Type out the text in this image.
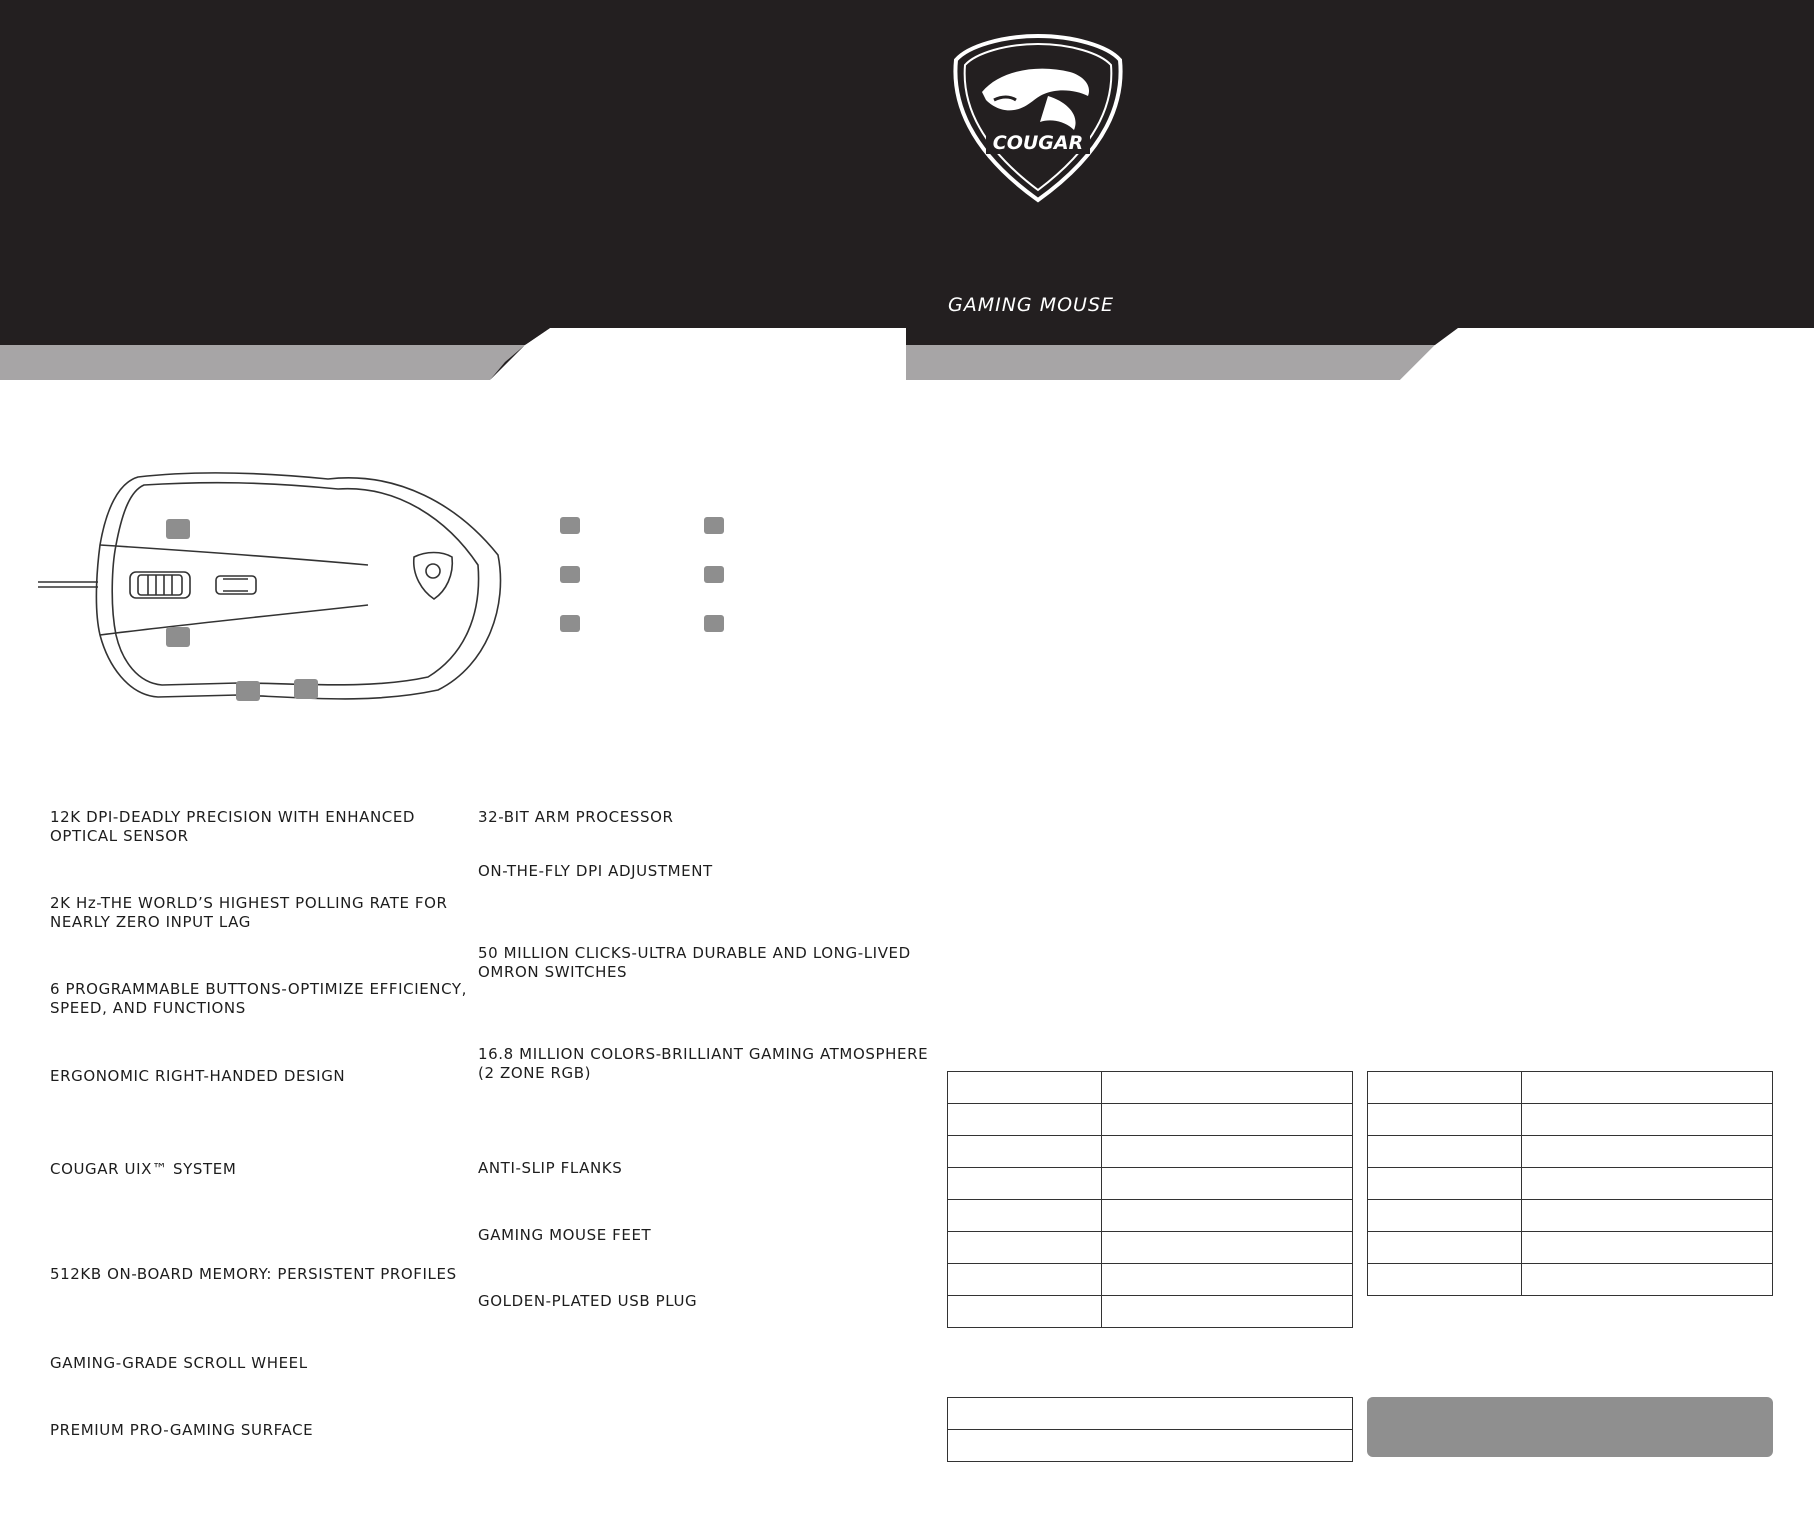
COUGAR
GAMING MOUSE
12K DPI-DEADLY PRECISION WITH ENHANCED
OPTICAL SENSOR
2K Hz-THE WORLD’S HIGHEST POLLING RATE FOR
NEARLY ZERO INPUT LAG
6 PROGRAMMABLE BUTTONS-OPTIMIZE EFFICIENCY,
SPEED, AND FUNCTIONS
ERGONOMIC RIGHT-HANDED DESIGN
COUGAR UIX™ SYSTEM
512KB ON-BOARD MEMORY: PERSISTENT PROFILES
GAMING-GRADE SCROLL WHEEL
PREMIUM PRO-GAMING SURFACE
32-BIT ARM PROCESSOR
ON-THE-FLY DPI ADJUSTMENT
50 MILLION CLICKS-ULTRA DURABLE AND LONG-LIVED
OMRON SWITCHES
16.8 MILLION COLORS-BRILLIANT GAMING ATMOSPHERE
(2 ZONE RGB)
ANTI-SLIP FLANKS
GAMING MOUSE FEET
GOLDEN-PLATED USB PLUG
